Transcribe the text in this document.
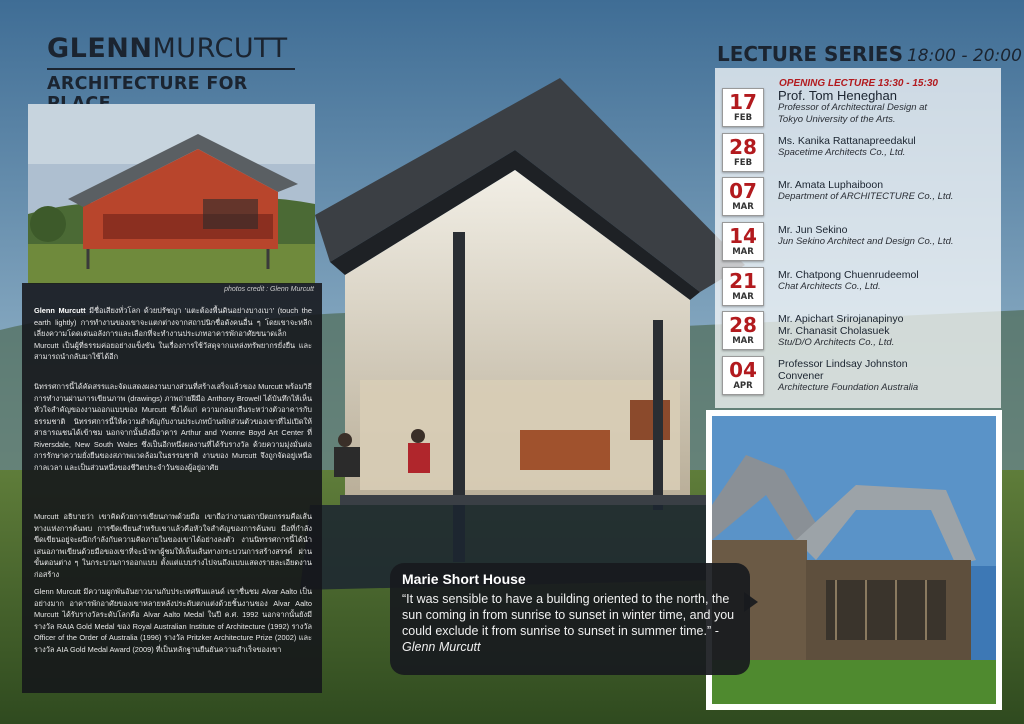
GLENNMURCUTT
ARCHITECTURE FOR
photos credit : Glenn Murcutt
Glenn Murcutt มีชื่อเสียงทั่วโลก ด้วยปรัชญา 'แตะต้องพื้นดินอย่างบางเบา' (touch the earth lightly) การทำงานของเขาจะแตกต่างจากสถาปนิกชื่อดังคนอื่น ๆ โดยเขาจะหลีกเลี่ยงความโดดเด่นอลังการและเลือกที่จะทำงานประเภทอาคารพักอาศัยขนาดเล็ก Murcutt เป็นผู้ที่ธรรมค่อยอย่างแข็งขัน ในเรื่องการใช้วัสดุจากแหล่งทรัพยากรยั่งยืน และสามารถนำกลับมาใช้ได้อีก
นิทรรศการนี้ได้คัดสรรและจัดแสดงผลงานบางส่วนที่สร้างเสร็จแล้วของ Murcutt พร้อมวิธีการทำงานผ่านการเขียนภาพ (drawings) ภาพถ่ายฝีมือ Anthony Browell ได้บันทึกให้เห็นหัวใจสำคัญของงานออกแบบของ Murcutt ซึ่งได้แก่ ความกลมกลืนระหว่างตัวอาคารกับธรรมชาติ นิทรรศการนี้ให้ความสำคัญกับงานประเภทบ้านพักส่วนตัวของเขาที่ไม่เปิดให้สาธารณชนได้เข้าชม นอกจากนั้นยังมีอาคาร Arthur and Yvonne Boyd Art Center ที่ Riversdale, New South Wales ซึ่งเป็นอีกหนึ่งผลงานที่ได้รับรางวัล ด้วยความมุ่งมั่นต่อการรักษาความยั่งยืนของสภาพแวดล้อมในธรรมชาติ งานของ Murcutt จึงถูกจัดอยู่เหนือกาลเวลา และเป็นส่วนหนึ่งของชีวิตประจำวันของผู้อยู่อาศัย
Murcutt อธิบายว่า เขาคิดด้วยการเขียนภาพด้วยมือ เขาถือว่างานสถาปัตยกรรมคือเส้นทางแห่งการค้นพบ การขีดเขียนสำหรับเขาแล้วคือหัวใจสำคัญของการค้นพบ มือที่กำลังขีดเขียนอยู่จะผนึกกำลังกับความคิดภายในของเขาได้อย่างลงตัว งานนิทรรศการนี้ได้นำเสนอภาพเขียนด้วยมือของเขาที่จะนำพาผู้ชมให้เห็นเส้นทางกระบวนการสร้างสรรค์ ผ่านขั้นตอนต่าง ๆ ในกระบวนการออกแบบ ตั้งแต่แบบร่างไปจนถึงแบบแสดงรายละเอียดงานก่อสร้าง
Glenn Murcutt มีความผูกพันอันยาวนานกับประเทศฟินแลนด์ เขาชื่นชม Alvar Aalto เป็นอย่างมาก อาคารพักอาศัยของเขาหลายหลังประดับตกแต่งด้วยชิ้นงานของ Alvar Aalto Murcutt ได้รับรางวัลระดับโลกคือ Alvar Aalto Medal ในปี ค.ศ. 1992 นอกจากนั้นยังมีรางวัล RAIA Gold Medal ของ Royal Australian Institute of Architecture (1992) รางวัล Officer of the Order of Australia (1996) รางวัล Pritzker Architecture Prize (2002) และรางวัล AIA Gold Medal Award (2009) ที่เป็นหลักฐานยืนยันความสำเร็จของเขา
LECTURE SERIES 18:00 - 20:00
OPENING LECTURE 13:30 - 15:30
17
FEB
Prof. Tom Heneghan
Professor of Architectural Design at
Tokyo University of the Arts.
28
FEB
Ms. Kanika Rattanapreedakul
Spacetime Architects Co., Ltd.
07
MAR
Mr. Amata Luphaiboon
Department of ARCHITECTURE Co., Ltd.
14
MAR
Mr. Jun Sekino
Jun Sekino Architect and Design Co., Ltd.
21
MAR
Mr. Chatpong Chuenrudeemol
Chat Architects Co., Ltd.
28
MAR
Mr. Apichart Srirojanapinyo
Mr. Chanasit Cholasuek
Stu/D/O Architects Co., Ltd.
04
APR
Professor Lindsay Johnston
Convener
Architecture Foundation Australia
Marie Short House
“It was sensible to have a building oriented to the north, the sun coming in from sunrise to sunset in winter time, and you could exclude it from sunrise to sunset in summer time.” - Glenn Murcutt
